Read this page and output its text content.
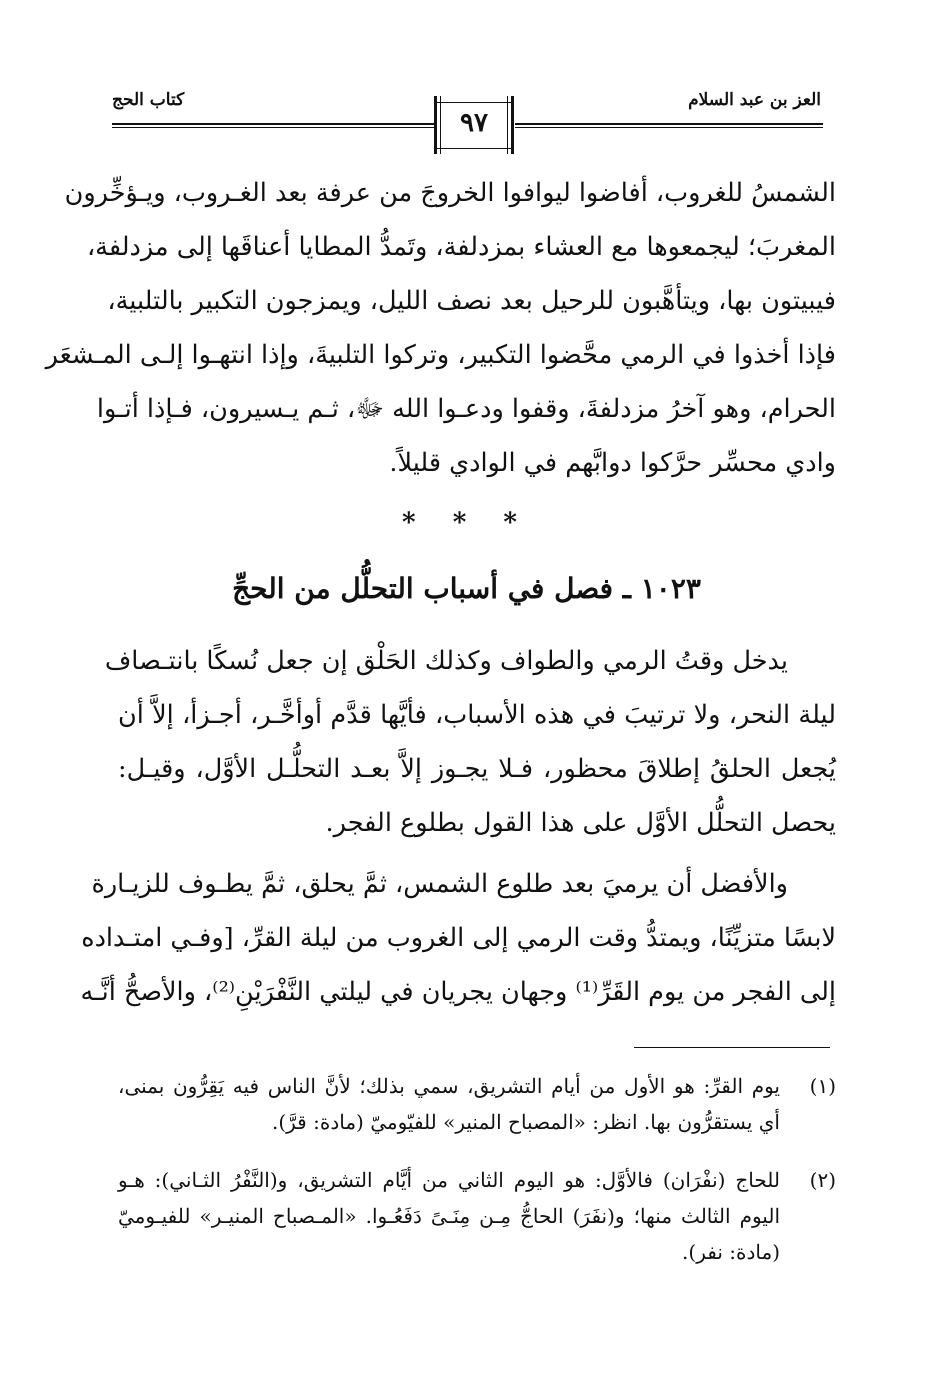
كتاب الحج	العز بن عبد السلام
٩٧
الشمسُ للغروب، أفاضوا ليوافوا الخروجَ من عرفة بعد الغـروب، ويـؤخِّرون
المغربَ؛ ليجمعوها مع العشاء بمزدلفة، وتَمدُّ المطايا أعناقَها إلى مزدلفة،
فيبيتون بها، ويتأهَّبون للرحيل بعد نصف الليل، ويمزجون التكبير بالتلبية،
فإذا أخذوا في الرمي محَّضوا التكبير، وتركوا التلبيةَ، وإذا انتهـوا إلـى المـشعَر
الحرام، وهو آخرُ مزدلفةَ، وقفوا ودعـوا الله ﷻ، ثـم يـسيرون، فـإذا أتـوا
وادي محسِّر حرَّكوا دوابَّهم في الوادي قليلاً.
* * *
١٠٢٣ ـ فصل في أسباب التحلُّل من الحجِّ
يدخل وقتُ الرمي والطواف وكذلك الحَلْق إن جعل نُسكًا بانتـصاف
ليلة النحر، ولا ترتيبَ في هذه الأسباب، فأيَّها قدَّم أوأخَّـر، أجـزأ، إلاَّ أن
يُجعل الحلقُ إطلاقَ محظور، فـلا يجـوز إلاَّ بعـد التحلُّـل الأوَّل، وقيـل:
يحصل التحلُّل الأوَّل على هذا القول بطلوع الفجر.
والأفضل أن يرميَ بعد طلوع الشمس، ثمَّ يحلق، ثمَّ يطـوف للزيـارة
لابسًا متزيِّنًا، ويمتدُّ وقت الرمي إلى الغروب من ليلة القرِّ، [وفـي امتـداده
إلى الفجر من يوم القَرِّ⁽¹⁾ وجهان يجريان في ليلتي النَّفْرَيْنِ⁽²⁾، والأصحُّ أنَّـه
(١)
يوم القرِّ: هو الأول من أيام التشريق، سمي بذلك؛ لأنَّ الناس فيه يَقِرُّون بمنى،
أي يستقرُّون بها. انظر: «المصباح المنير» للفيّوميّ (مادة: قرَّ).
(٢)
للحاج (نفْرَان) فالأوَّل: هو اليوم الثاني من أيَّام التشريق، و(النَّفْرُ الثـاني): هـو
اليوم الثالث منها؛ و(نفَرَ) الحاجُّ مِـن مِنَـىً دَفَعُـوا. «المـصباح المنيـر» للفيـوميّ
(مادة: نفر).
